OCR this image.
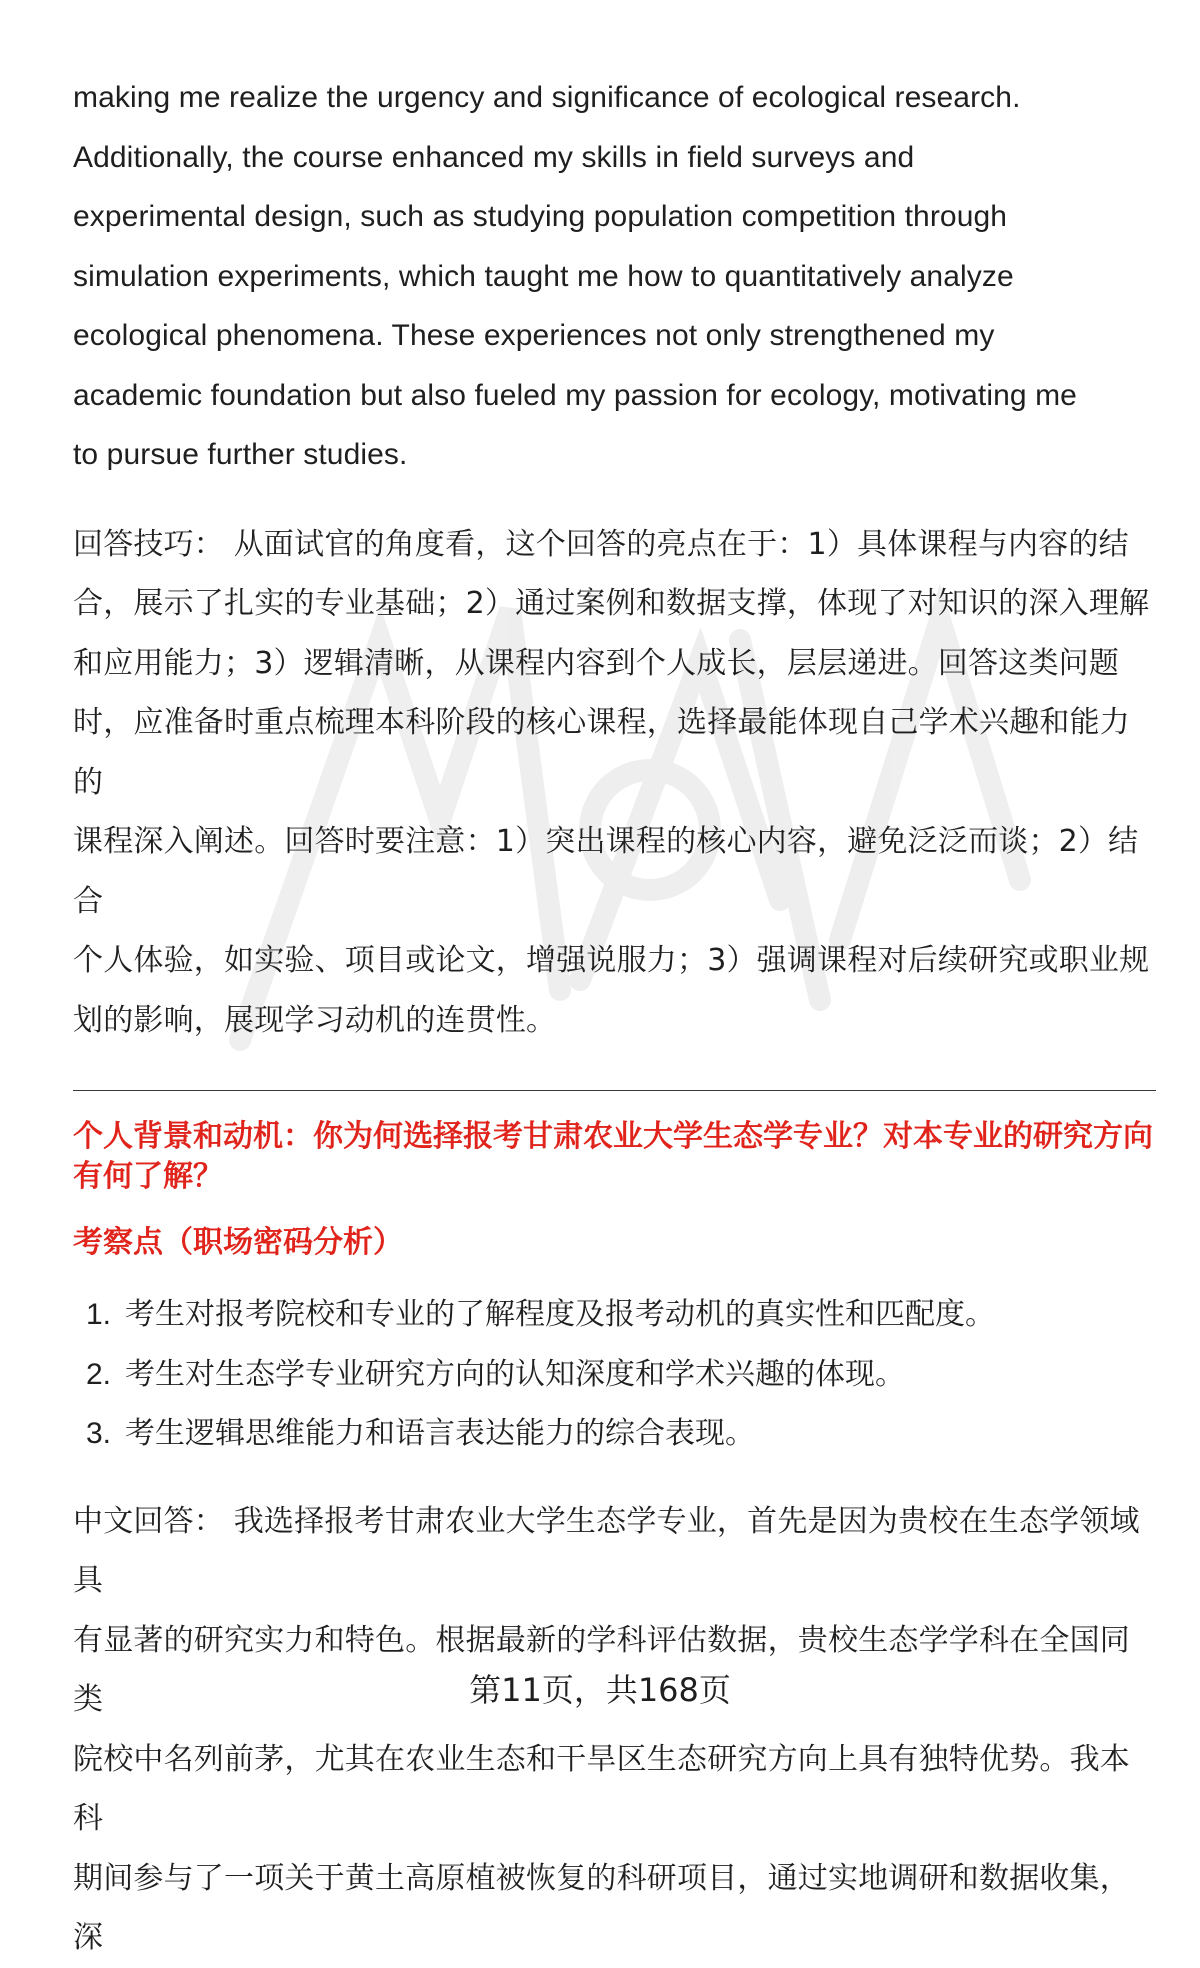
making me realize the urgency and significance of ecological research.

Additionally, the course enhanced my skills in field surveys and

experimental design, such as studying population competition through

simulation experiments, which taught me how to quantitatively analyze

ecological phenomena. These experiences not only strengthened my

academic foundation but also fueled my passion for ecology, motivating me

to pursue further studies.

回答技巧： 从面试官的角度看，这个回答的亮点在于：1）具体课程与内容的结

合，展示了扎实的专业基础；2）通过案例和数据支撑，体现了对知识的深入理解

和应用能力；3）逻辑清晰，从课程内容到个人成长，层层递进。回答这类问题

时，应准备时重点梳理本科阶段的核心课程，选择最能体现自己学术兴趣和能力的

课程深入阐述。回答时要注意：1）突出课程的核心内容，避免泛泛而谈；2）结合

个人体验，如实验、项目或论文，增强说服力；3）强调课程对后续研究或职业规

划的影响，展现学习动机的连贯性。

个人背景和动机：你为何选择报考甘肃农业大学生态学专业？对本专业的研究方向
有何了解？
考察点（职场密码分析）
1. 考生对报考院校和专业的了解程度及报考动机的真实性和匹配度。
2. 考生对生态学专业研究方向的认知深度和学术兴趣的体现。
3. 考生逻辑思维能力和语言表达能力的综合表现。

中文回答： 我选择报考甘肃农业大学生态学专业，首先是因为贵校在生态学领域具

有显著的研究实力和特色。根据最新的学科评估数据，贵校生态学学科在全国同类

院校中名列前茅，尤其在农业生态和干旱区生态研究方向上具有独特优势。我本科

期间参与了一项关于黄土高原植被恢复的科研项目，通过实地调研和数据收集，深

第11页，共168页
